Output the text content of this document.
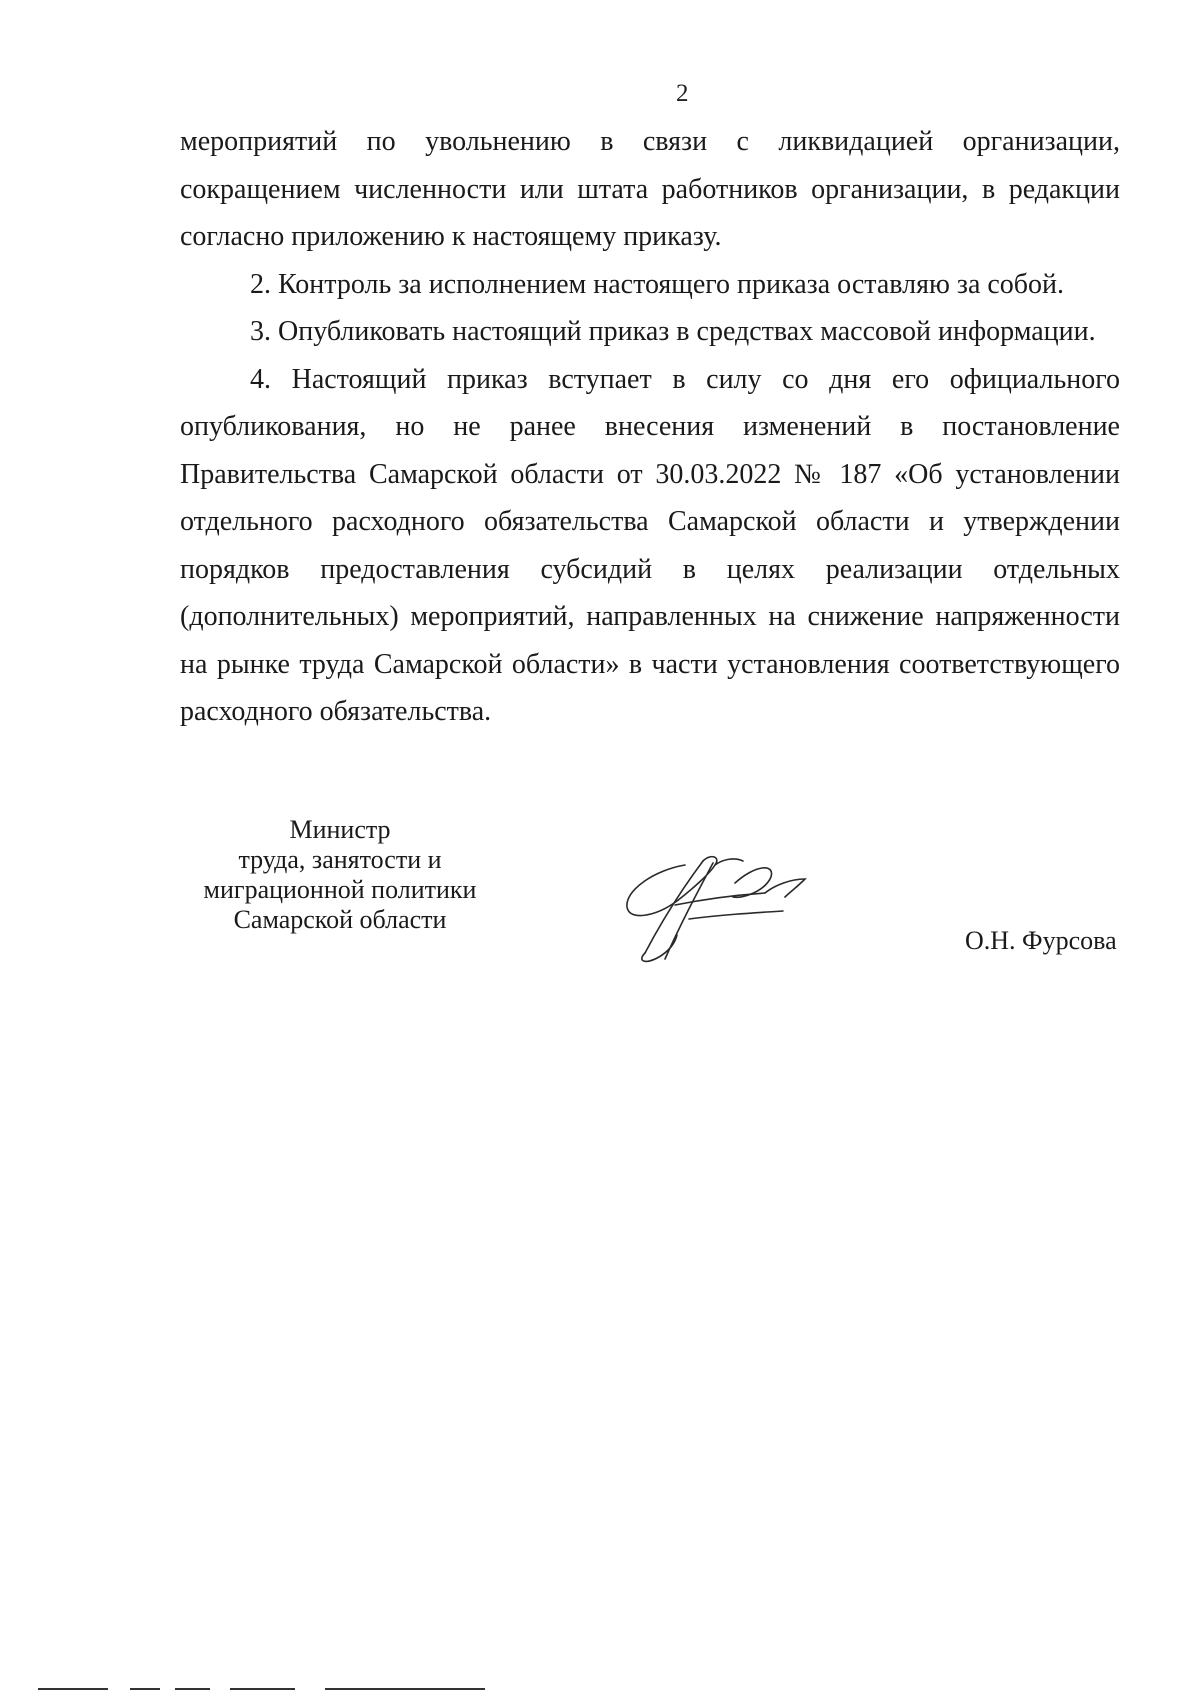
2

мероприятий по увольнению в связи с ликвидацией организации, сокращением численности или штата работников организации, в редакции согласно приложению к настоящему приказу.

2. Контроль за исполнением настоящего приказа оставляю за собой.

3. Опубликовать настоящий приказ в средствах массовой информации.

4. Настоящий приказ вступает в силу со дня его официального опубликования, но не ранее внесения изменений в постановление Правительства Самарской области от 30.03.2022 № 187 «Об установлении отдельного расходного обязательства Самарской области и утверждении порядков предоставления субсидий в целях реализации отдельных (дополнительных) мероприятий, направленных на снижение напряженности на рынке труда Самарской области» в части установления соответствующего расходного обязательства.

Министр
труда, занятости и
миграционной политики
Самарской области
О.Н. Фурсова
